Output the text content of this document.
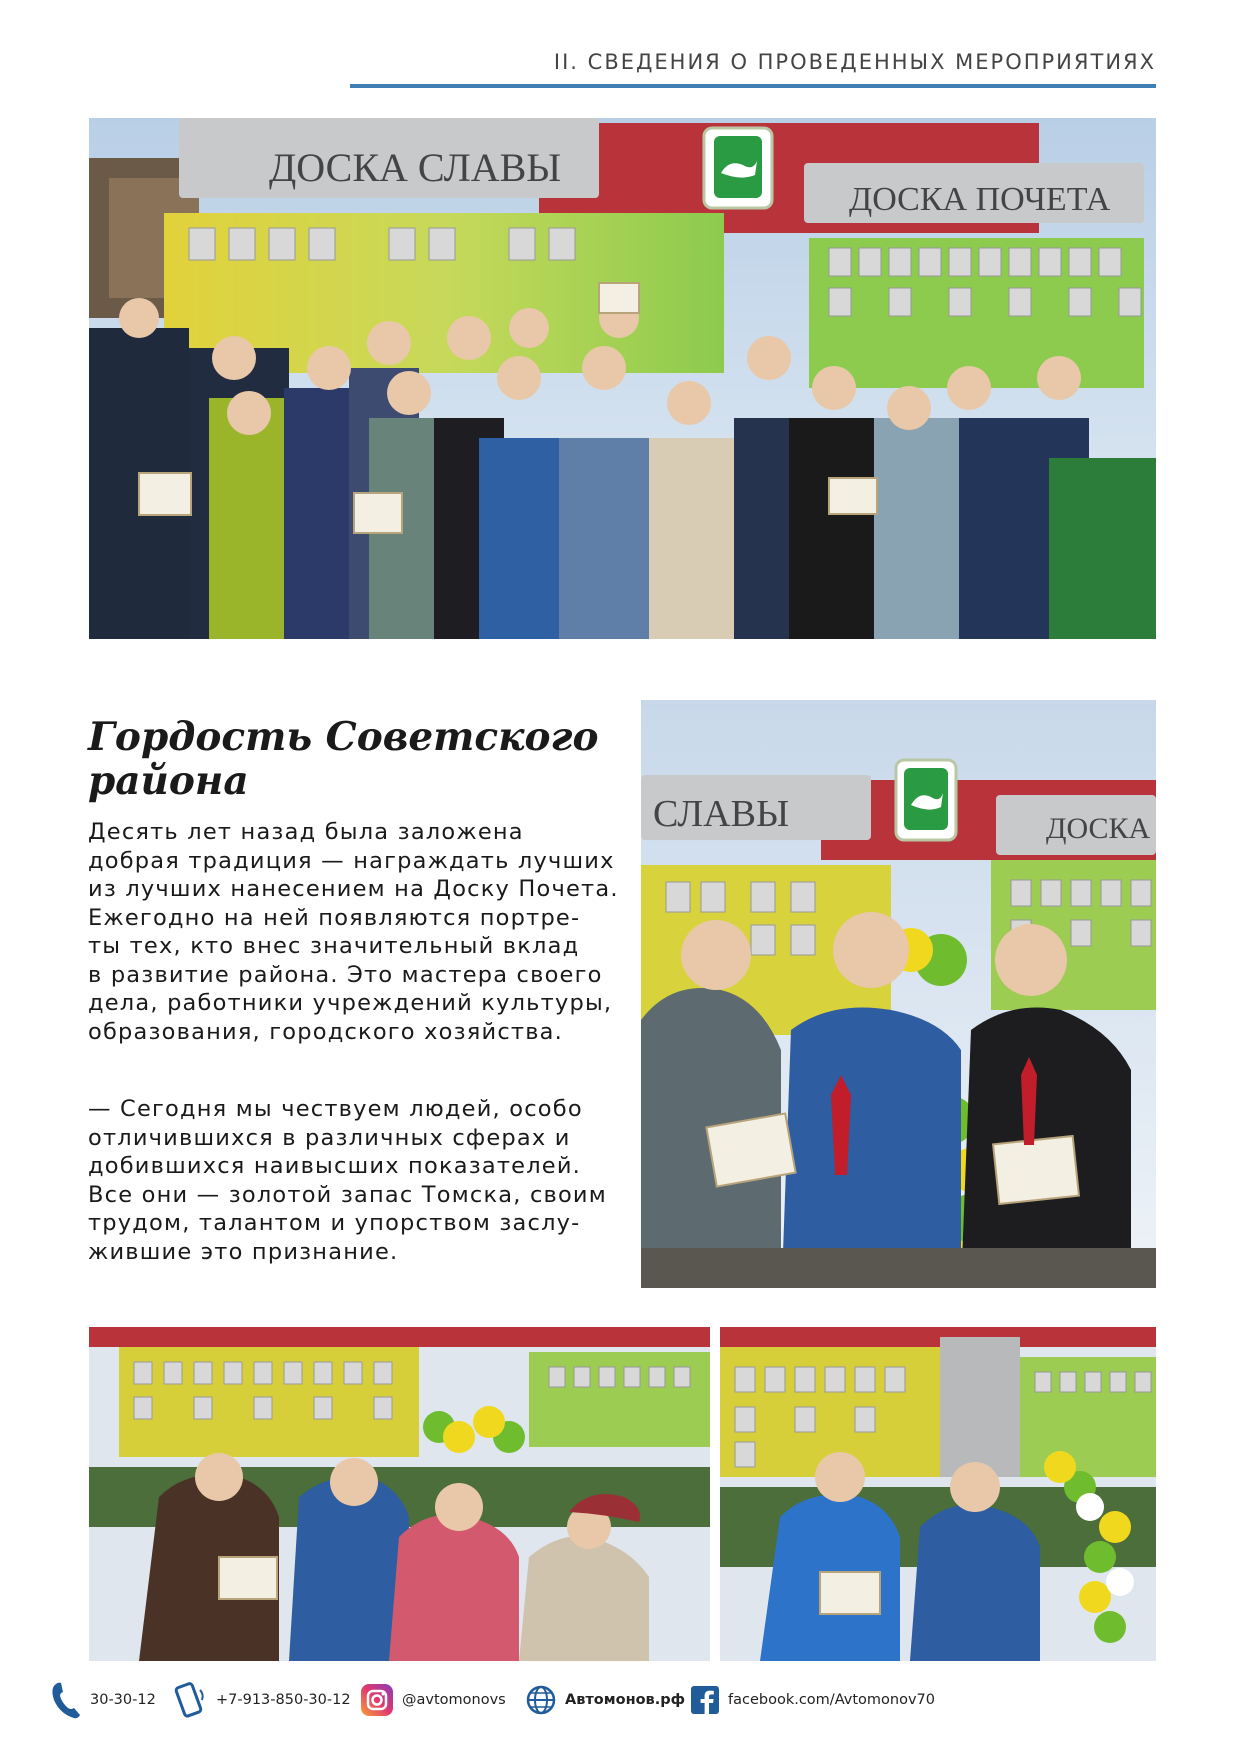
II. СВЕДЕНИЯ О ПРОВЕДЕННЫХ МЕРОПРИЯТИЯХ
ДОСКА СЛАВЫ
ДОСКА ПОЧЕТА
Гордость Советского
района
Десять лет назад была заложена
добрая традиция — награждать лучших
из лучших нанесением на Доску Почета.
Ежегодно на ней появляются портре-
ты тех, кто внес значительный вклад
в развитие района. Это мастера своего
дела, работники учреждений культуры,
образования, городского хозяйства.
— Сегодня мы чествуем людей, особо
отличившихся в различных сферах и
добившихся наивысших показателей.
Все они — золотой запас Томска, своим
трудом, талантом и упорством заслу-
жившие это признание.
СЛАВЫ	ДОСКА
30-30-12	+7-913-850-30-12	@avtomonovs	Автомонов.рф	facebook.com/Avtomonov70
